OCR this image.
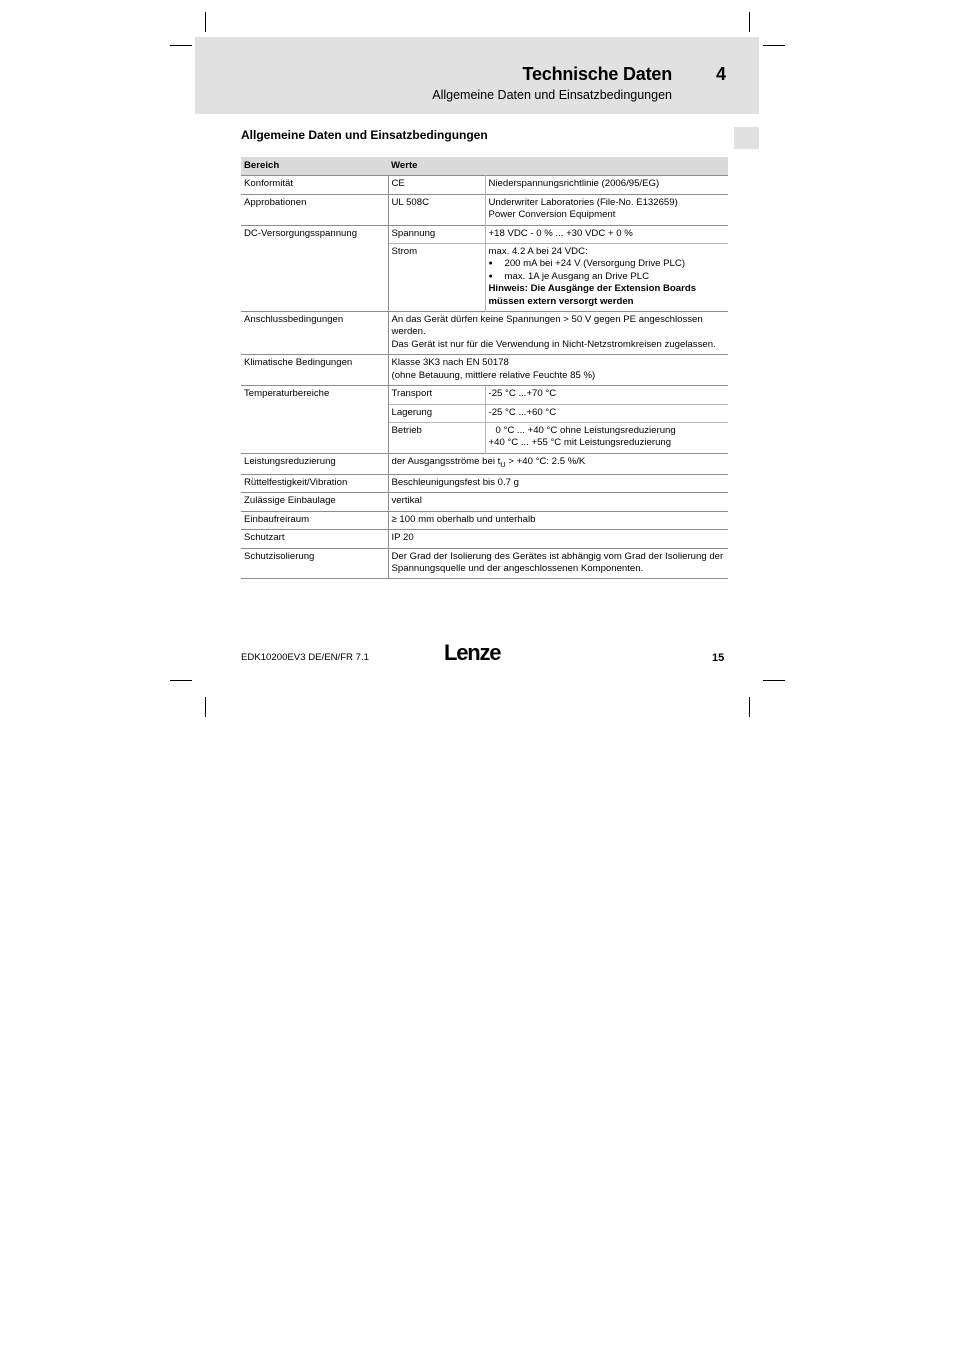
Technische Daten 4
Allgemeine Daten und Einsatzbedingungen
Allgemeine Daten und Einsatzbedingungen
Bereich	Werte	
Konformität	CE	Niederspannungsrichtlinie (2006/95/EG)
Approbationen	UL 508C	Underwriter Laboratories (File-No. E132659)
Power Conversion Equipment

DC-Versorgungsspannung	Spannung	+18 VDC - 0 % ... +30 VDC + 0 %
	Strom	max. 4.2 A bei 24 VDC:
● 200 mA bei +24 V (Versorgung Drive PLC)
● max. 1A je Ausgang an Drive PLC
Hinweis: Die Ausgänge der Extension Boards
müssen extern versorgt werden

Anschlussbedingungen	An das Gerät dürfen keine Spannungen > 50 V gegen PE angeschlossen werden.
Das Gerät ist nur für die Verwendung in Nicht-Netzstromkreisen zugelassen.	

Klimatische Bedingungen	Klasse 3K3 nach EN 50178
(ohne Betauung, mittlere relative Feuchte 85 %)	

Temperaturbereiche	Transport	-25 °C ...+70 °C
	Lagerung	-25 °C ...+60 °C
	Betrieb	0 °C ... +40 °C ohne Leistungsreduzierung
+40 °C ... +55 °C mit Leistungsreduzierung

Leistungsreduzierung	der Ausgangsströme bei $t_U > +40$ °C: 2.5 %/K	
Rüttelfestigkeit/Vibration	Beschleunigungsfest bis 0.7 g	
Zulässige Einbaulage	vertikal	
Einbaufreiraum	≥ 100 mm oberhalb und unterhalb	
Schutzart	IP 20	
Schutzisolierung	Der Grad der Isolierung des Gerätes ist abhängig vom Grad der Isolierung der Spannungsquelle und der angeschlossenen Komponenten.	
EDK10200EV3 DE/EN/FR 7.1	Lenze	15
